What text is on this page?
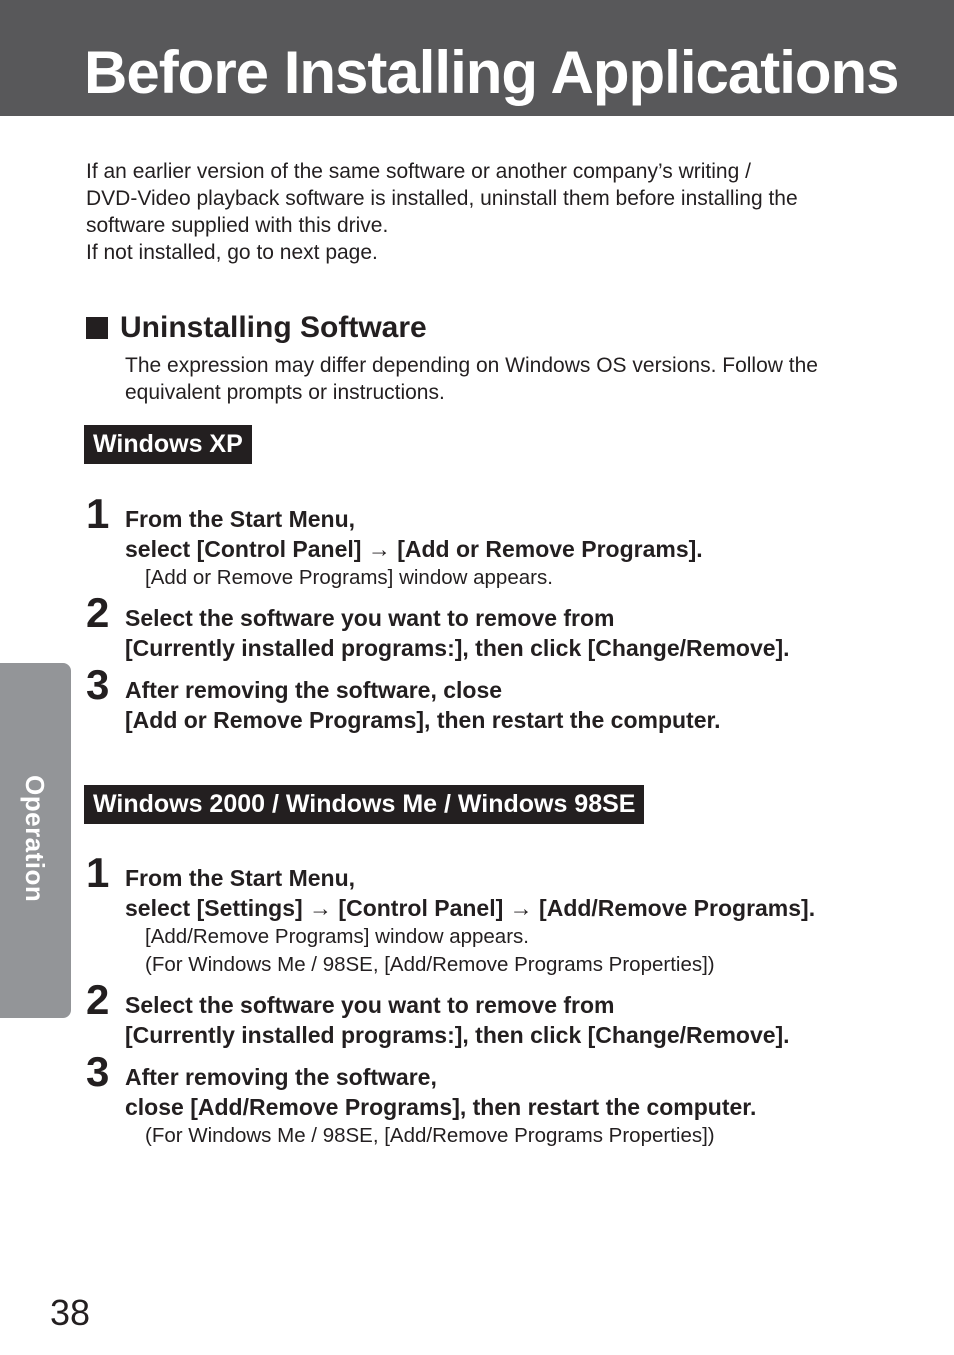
Before Installing Applications

If an earlier version of the same software or another company’s writing /

DVD-Video playback software is installed, uninstall them before installing the

software supplied with this drive.

If not installed, go to next page.

Uninstalling Software
The expression may differ depending on Windows OS versions. Follow the
equivalent prompts or instructions.
Windows XP
1 From the Start Menu,
select [Control Panel] → [Add or Remove Programs].
[Add or Remove Programs] window appears.
2 Select the software you want to remove from
[Currently installed programs:], then click [Change/Remove].
3 After removing the software, close
[Add or Remove Programs], then restart the computer.
Windows 2000 / Windows Me / Windows 98SE
1 From the Start Menu,
select [Settings] → [Control Panel] → [Add/Remove Programs].
[Add/Remove Programs] window appears.
(For Windows Me / 98SE, [Add/Remove Programs Properties])
2 Select the software you want to remove from
[Currently installed programs:], then click [Change/Remove].
3 After removing the software,
close [Add/Remove Programs], then restart the computer.
(For Windows Me / 98SE, [Add/Remove Programs Properties])
Operation
38
